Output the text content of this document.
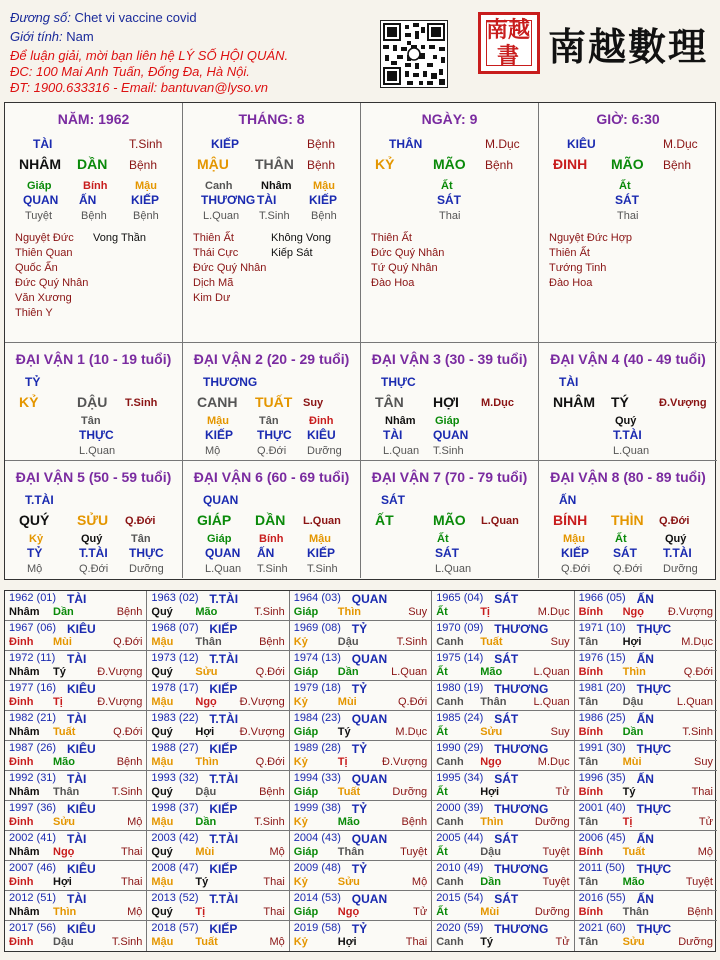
Đương số: Chet vi vaccine covid
Giới tính: Nam
Để luận giải, mời bạn liên hệ LÝ SỐ HỘI QUÁN.
ĐC: 100 Mai Anh Tuấn, Đống Đa, Hà Nội.
ĐT: 1900.633316 - Email: bantuvan@lyso.vn
南越書 南越數理
NĂM: 1962
TÀI	T.Sinh
NHÂM DẦN Bệnh
Giáp
QUAN
Tuyệt
Bính
ẤN
Bệnh
Mậu
KIẾP
Bệnh
Nguyệt Đức
Thiên Quan
Quốc Ấn
Đức Quý Nhân
Văn Xương
Thiên Y
Vong Thần
THÁNG: 8
KIẾP	Bệnh
MẬU THÂN Bệnh
Canh
THƯƠNG
L.Quan
Nhâm
TÀI
T.Sinh
Mậu
KIẾP
Bệnh
Thiên Ất
Thái Cực
Đức Quý Nhân
Dịch Mã
Kim Dư
Không Vong
Kiếp Sát
NGÀY: 9
THÂN	M.Dục
KỶ	MÃO Bệnh
Ất
SÁT
Thai
Thiên Ất
Đức Quý Nhân
Tứ Quý Nhân
Đào Hoa
GIỜ: 6:30
KIÊU	M.Dục
ĐINH MÃO Bệnh
Ất
SÁT
Thai
Nguyệt Đức Hợp
Thiên Ất
Tướng Tinh
Đào Hoa
ĐẠI VẬN 1 (10 - 19 tuổi)
TỶ
KỶ	DẬU T.Sinh
Tân
THỰC
L.Quan
ĐẠI VẬN 2 (20 - 29 tuổi)
THƯƠNG
CANH TUẤT Suy
Mậu
KIẾP
Mộ
Tân
THỰC
Q.Đới
Đinh
KIÊU
Dưỡng
ĐẠI VẬN 3 (30 - 39 tuổi)
THỰC
TÂN HỢI M.Dục
Nhâm
TÀI
L.Quan
Giáp
QUAN
T.Sinh
ĐẠI VẬN 4 (40 - 49 tuổi)
TÀI
NHÂM TÝ	Đ.Vượng
Quý
T.TÀI
L.Quan
ĐẠI VẬN 5 (50 - 59 tuổi)
T.TÀI
QUÝ SỬU Q.Đới
Kỷ
TỶ
Mộ
Quý
T.TÀI
Q.Đới
Tân
THỰC
Dưỡng
ĐẠI VẬN 6 (60 - 69 tuổi)
QUAN
GIÁP DẦN L.Quan
Giáp
QUAN
L.Quan
Bính
ẤN
T.Sinh
Mậu
KIẾP
T.Sinh
ĐẠI VẬN 7 (70 - 79 tuổi)
SÁT
ẤT	MÃO L.Quan
Ất
SÁT
L.Quan
ĐẠI VẬN 8 (80 - 89 tuổi)
ẤN
BÍNH THÌN Q.Đới
Mậu
KIẾP
Q.Đới
Ất
SÁT
Q.Đới
Quý
T.TÀI
Dưỡng
1962 (01) TÀI
Nhâm Dần	Bệnh
1963 (02) T.TÀI
Quý Mão	T.Sinh
1964 (03) QUAN
Giáp Thìn	Suy
1965 (04) SÁT
Ất	Tị	M.Dục
1966 (05) ẤN
Bính Ngọ Đ.Vượng
1967 (06) KIÊU
Đinh Mùi	Q.Đới
1968 (07) KIẾP
Mậu Thân	Bệnh
1969 (08) TỶ
Kỷ	Dậu	T.Sinh
1970 (09) THƯƠNG
Canh Tuất	Suy
1971 (10) THỰC
Tân Hợi	M.Dục
1972 (11) TÀI
Nhâm Tý	Đ.Vượng
1973 (12) T.TÀI
Quý Sửu	Q.Đới
1974 (13) QUAN
Giáp Dần	L.Quan
1975 (14) SÁT
Ất	Mão	L.Quan
1976 (15) ẤN
Bính Thìn	Q.Đới
1977 (16) KIÊU
Đinh Tị	Đ.Vượng
1978 (17) KIẾP
Mậu Ngọ Đ.Vượng
1979 (18) TỶ
Kỷ	Mùi	Q.Đới
1980 (19) THƯƠNG
Canh Thân L.Quan
1981 (20) THỰC
Tân Dậu	L.Quan
1982 (21) TÀI
Nhâm Tuất	Q.Đới
1983 (22) T.TÀI
Quý Hợi Đ.Vượng
1984 (23) QUAN
Giáp Tý	M.Dục
1985 (24) SÁT
Ất	Sửu	Suy
1986 (25) ẤN
Bính Dần	T.Sinh
1987 (26) KIÊU
Đinh Mão	Bệnh
1988 (27) KIẾP
Mậu Thìn	Q.Đới
1989 (28) TỶ
Kỷ	Tị	Đ.Vượng
1990 (29) THƯƠNG
Canh Ngọ	M.Dục
1991 (30) THỰC
Tân Mùi	Suy
1992 (31) TÀI
Nhâm Thân	T.Sinh
1993 (32) T.TÀI
Quý Dậu	Bệnh
1994 (33) QUAN
Giáp Tuất	Dưỡng
1995 (34) SÁT
Ất	Hợi	Tử
1996 (35) ẤN
Bính Tý	Thai
1997 (36) KIÊU
Đinh Sửu	Mộ
1998 (37) KIẾP
Mậu Dần	T.Sinh
1999 (38) TỶ
Kỷ	Mão	Bệnh
2000 (39) THƯƠNG
Canh Thìn	Dưỡng
2001 (40) THỰC
Tân Tị	Tử
2002 (41) TÀI
Nhâm Ngọ	Thai
2003 (42) T.TÀI
Quý Mùi	Mộ
2004 (43) QUAN
Giáp Thân	Tuyệt
2005 (44) SÁT
Ất	Dậu	Tuyệt
2006 (45) ẤN
Bính Tuất	Mộ
2007 (46) KIÊU
Đinh Hợi	Thai
2008 (47) KIẾP
Mậu Tý	Thai
2009 (48) TỶ
Kỷ	Sửu	Mộ
2010 (49) THƯƠNG
Canh Dần	Tuyệt
2011 (50) THỰC
Tân Mão	Tuyệt
2012 (51) TÀI
Nhâm Thìn	Mộ
2013 (52) T.TÀI
Quý Tị	Thai
2014 (53) QUAN
Giáp Ngọ	Tử
2015 (54) SÁT
Ất	Mùi	Dưỡng
2016 (55) ẤN
Bính Thân	Bệnh
2017 (56) KIÊU
Đinh Dậu	T.Sinh
2018 (57) KIẾP
Mậu Tuất	Mộ
2019 (58) TỶ
Kỷ	Hợi	Thai
2020 (59) THƯƠNG
Canh Tý	Tử
2021 (60) THỰC
Tân Sửu	Dưỡng
